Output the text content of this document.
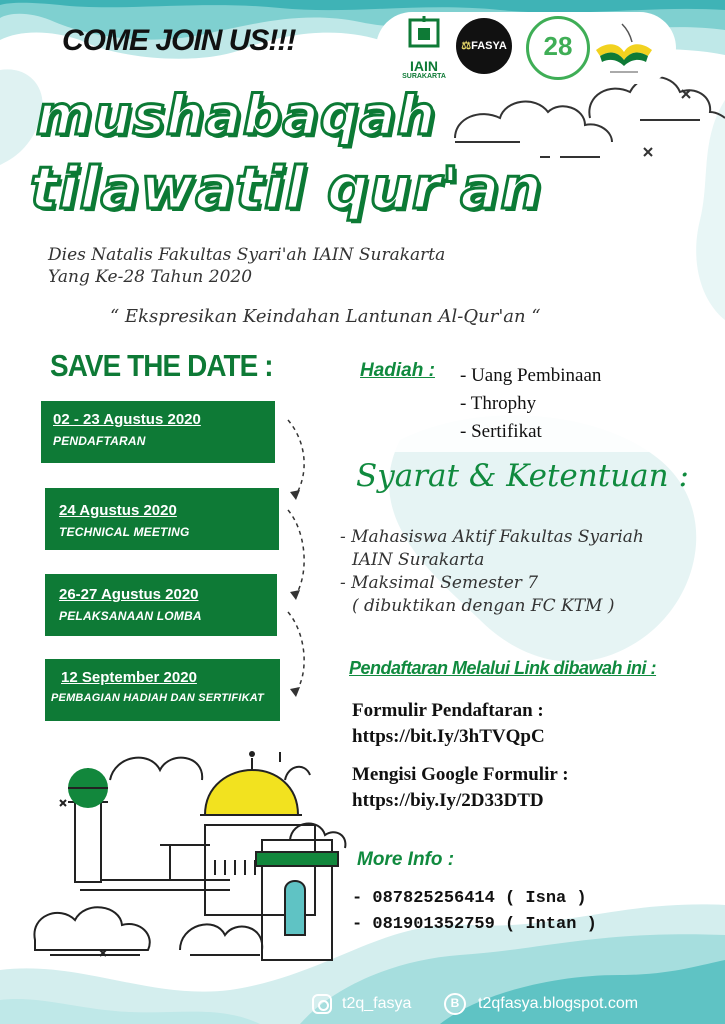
COME JOIN US!!!
IAIN
SURAKARTA
⚖FASYA	28
mushabaqah
tilawatil qur'an
Dies Natalis Fakultas Syari'ah IAIN Surakarta
Yang Ke-28 Tahun 2020
“ Ekspresikan Keindahan Lantunan Al-Qur'an “
SAVE THE DATE :
02 - 23 Agustus 2020
PENDAFTARAN
24 Agustus 2020
TECHNICAL MEETING
26-27 Agustus 2020
PELAKSANAAN LOMBA
12 September 2020
PEMBAGIAN HADIAH DAN SERTIFIKAT
Hadiah : - Uang Pembinaan
- Throphy
- Sertifikat
Syarat & Ketentuan :
- Mahasiswa Aktif Fakultas Syariah
IAIN Surakarta
- Maksimal Semester 7
( dibuktikan dengan FC KTM )
Pendaftaran Melalui Link dibawah ini :
Formulir Pendaftaran :
https://bit.Iy/3hTVQpC
Mengisi Google Formulir :
https://biy.Iy/2D33DTD
More Info :
- 087825256414 ( Isna )
- 081901352759 ( Intan )
t2q_fasya	B	t2qfasya.blogspot.com
